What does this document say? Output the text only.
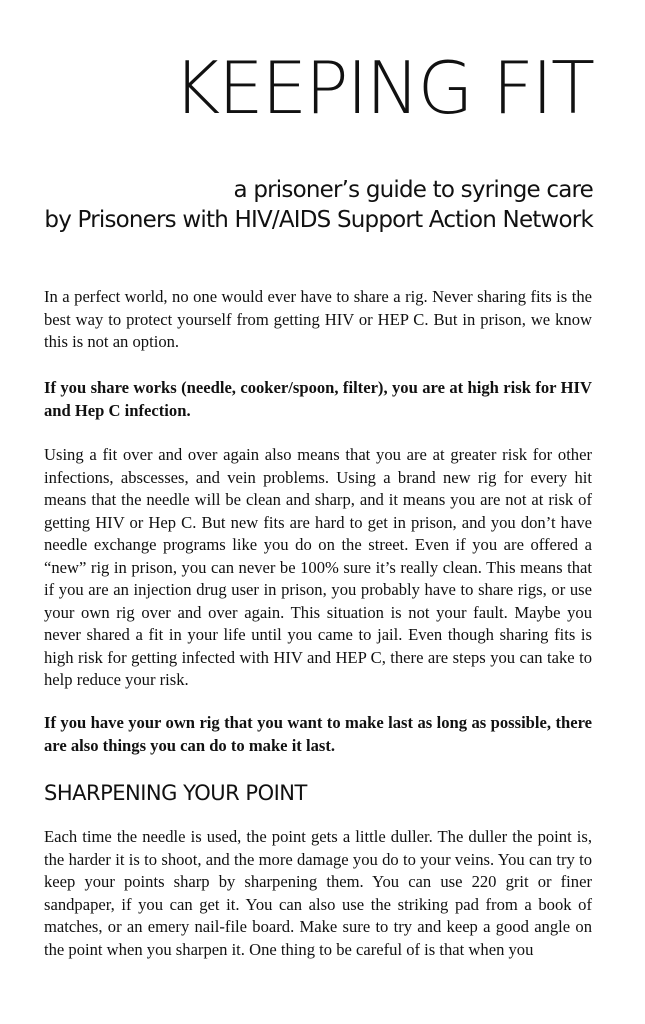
KEEPING FIT
a prisoner’s guide to syringe care
by Prisoners with HIV/AIDS Support Action Network

In a perfect world, no one would ever have to share a rig. Never sharing fits is the best way to protect yourself from getting HIV or HEP C. But in prison, we know this is not an option.

If you share works (needle, cooker/spoon, filter), you are at high risk for HIV and Hep C infection.

Using a fit over and over again also means that you are at greater risk for other infections, abscesses, and vein problems. Using a brand new rig for every hit means that the needle will be clean and sharp, and it means you are not at risk of getting HIV or Hep C. But new fits are hard to get in prison, and you don’t have needle exchange programs like you do on the street. Even if you are offered a “new” rig in prison, you can never be 100% sure it’s really clean. This means that if you are an injection drug user in prison, you probably have to share rigs, or use your own rig over and over again. This situation is not your fault. Maybe you never shared a fit in your life until you came to jail. Even though sharing fits is high risk for getting infected with HIV and HEP C, there are steps you can take to help reduce your risk.

If you have your own rig that you want to make last as long as possible, there are also things you can do to make it last.

SHARPENING YOUR POINT

Each time the needle is used, the point gets a little duller. The duller the point is, the harder it is to shoot, and the more damage you do to your veins. You can try to keep your points sharp by sharpening them. You can use 220 grit or finer sandpaper, if you can get it. You can also use the striking pad from a book of matches, or an emery nail-file board. Make sure to try and keep a good angle on the point when you sharpen it. One thing to be careful of is that when you
